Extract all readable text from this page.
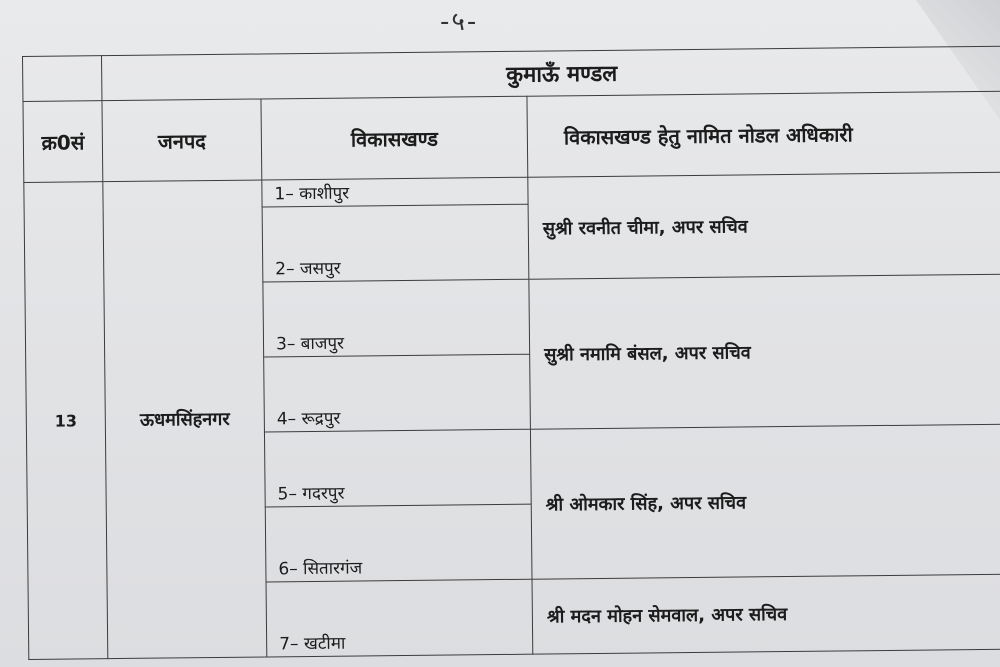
-५-
	कुमाऊँ मण्डल		
क्र0सं	जनपद	विकासखण्ड	विकासखण्ड हेतु नामित नोडल अधिकारी
13	ऊधमसिंहनगर	1– काशीपुर	सुश्री रवनीत चीमा, अपर सचिव
		2– जसपुर	
		3– बाजपुर	सुश्री नमामि बंसल, अपर सचिव
		4– रूद्रपुर	
		5– गदरपुर	श्री ओमकार सिंह, अपर सचिव
		6– सितारगंज	
		7– खटीमा	श्री मदन मोहन सेमवाल, अपर सचिव
